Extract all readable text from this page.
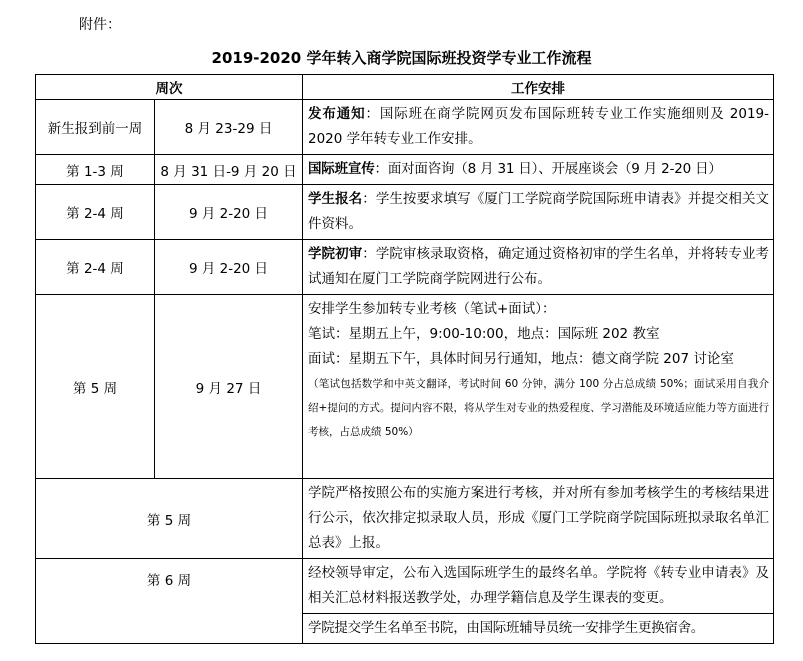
附件：
2019-2020 学年转入商学院国际班投资学专业工作流程
周次		工作安排
新生报到前一周	8 月 23-29 日	发布通知：国际班在商学院网页发布国际班转专业工作实施细则及 2019-2020 学年转专业工作安排。
第 1-3 周	8 月 31 日-9 月 20 日	国际班宣传：面对面咨询（8 月 31 日）、开展座谈会（9 月 2-20 日）
第 2-4 周	9 月 2-20 日	学生报名：学生按要求填写《厦门工学院商学院国际班申请表》并提交相关文件资料。
第 2-4 周	9 月 2-20 日	学院初审：学院审核录取资格，确定通过资格初审的学生名单，并将转专业考试通知在厦门工学院商学院网进行公布。
第 5 周	9 月 27 日	安排学生参加转专业考核（笔试+面试）：
笔试：星期五上午，9:00-10:00，地点：国际班 202 教室
面试：星期五下午，具体时间另行通知，地点：德文商学院 207 讨论室
（笔试包括数学和中英文翻译，考试时间 60 分钟，满分 100 分占总成绩 50%；面试采用自我介绍+提问的方式。提问内容不限，将从学生对专业的热爱程度、学习潜能及环境适应能力等方面进行考核，占总成绩 50%）

第 5 周		学院严格按照公布的实施方案进行考核，并对所有参加考核学生的考核结果进行公示，依次排定拟录取人员，形成《厦门工学院商学院国际班拟录取名单汇总表》上报。
第 6 周		经校领导审定，公布入选国际班学生的最终名单。学院将《转专业申请表》及相关汇总材料报送教学处，办理学籍信息及学生课表的变更。
		学院提交学生名单至书院，由国际班辅导员统一安排学生更换宿舍。
